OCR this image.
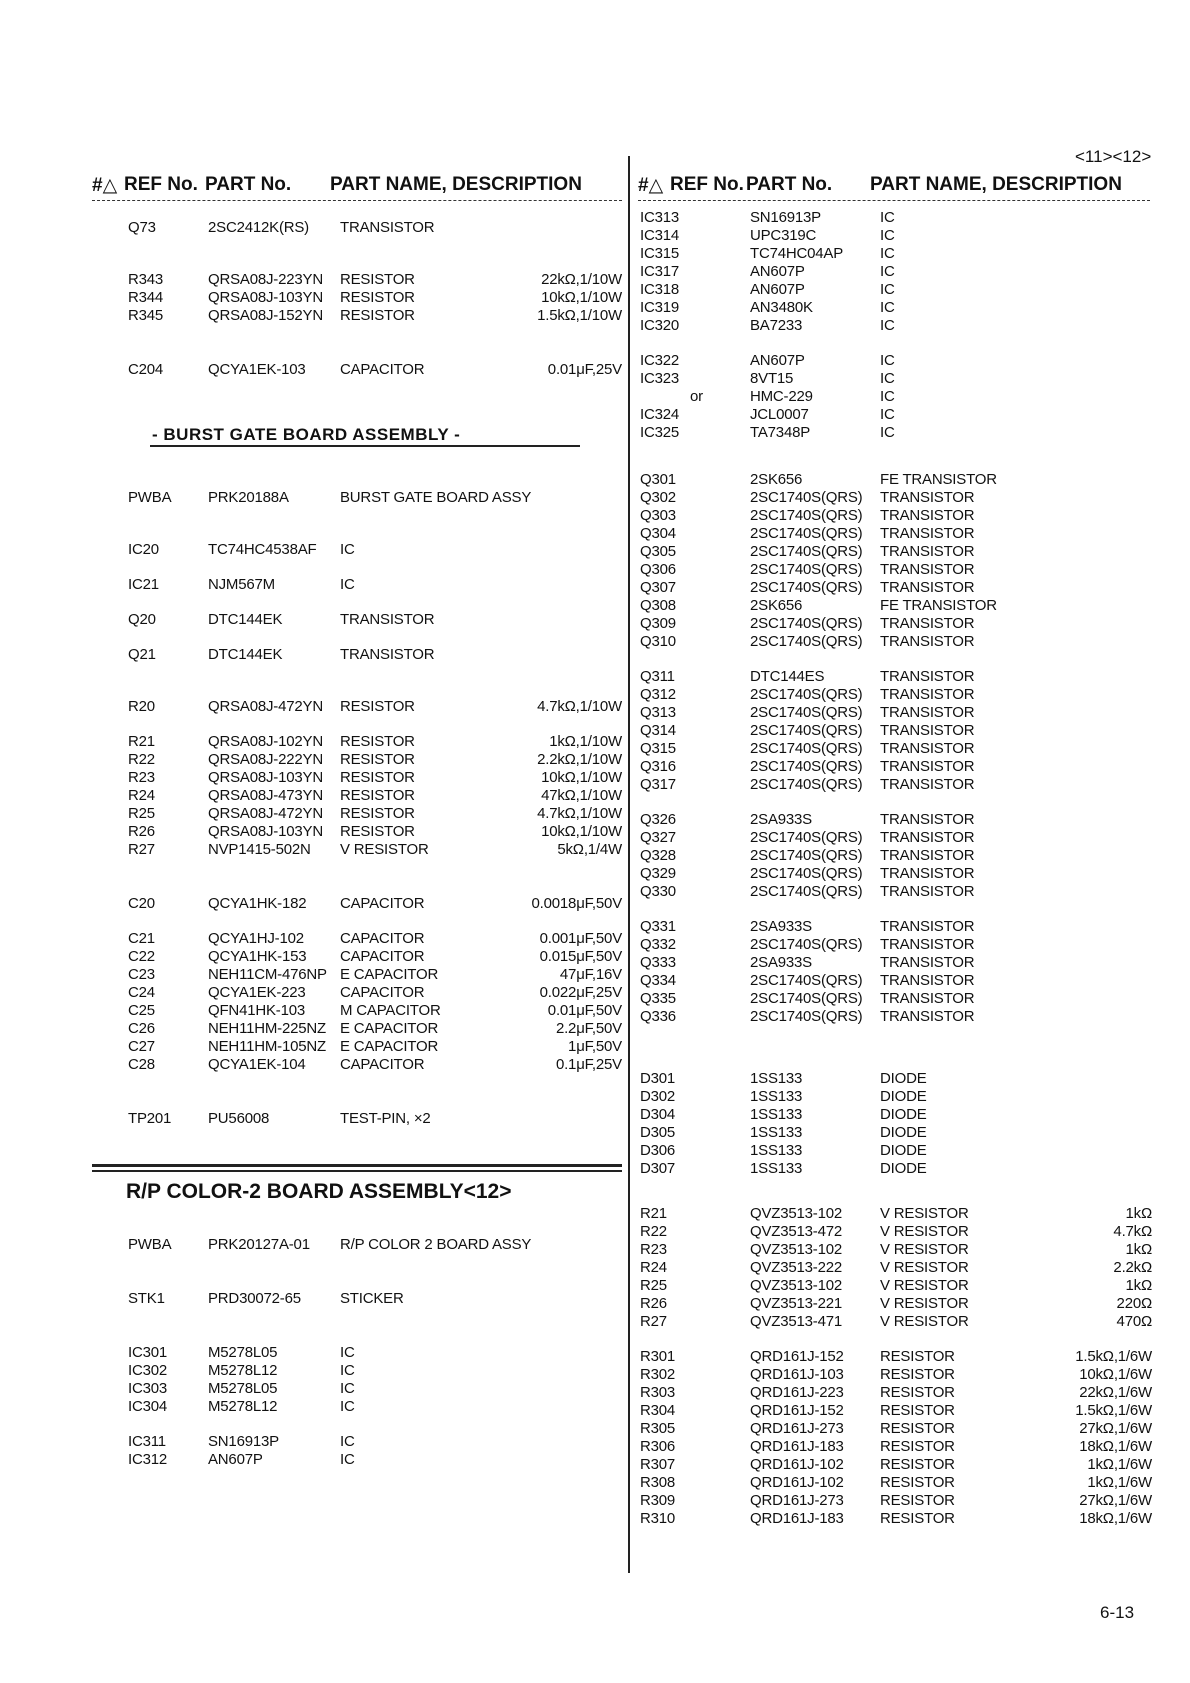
<11><12>
#△ REF No. PART No. PART NAME, DESCRIPTION
Q73	2SC2412K(RS) TRANSISTOR
R343	QRSA08J-223YN RESISTOR	22kΩ,1/10W
R344	QRSA08J-103YN RESISTOR	10kΩ,1/10W
R345	QRSA08J-152YN RESISTOR	1.5kΩ,1/10W
C204	QCYA1EK-103 CAPACITOR	0.01μF,25V
- BURST GATE BOARD ASSEMBLY -
PWBA PRK20188A	BURST GATE BOARD ASSY
IC20	TC74HC4538AF IC
IC21	NJM567M	IC
Q20	DTC144EK	TRANSISTOR
Q21	DTC144EK	TRANSISTOR
R20	QRSA08J-472YN RESISTOR	4.7kΩ,1/10W
R21	QRSA08J-102YN RESISTOR	1kΩ,1/10W
R22	QRSA08J-222YN RESISTOR	2.2kΩ,1/10W
R23	QRSA08J-103YN RESISTOR	10kΩ,1/10W
R24	QRSA08J-473YN RESISTOR	47kΩ,1/10W
R25	QRSA08J-472YN RESISTOR	4.7kΩ,1/10W
R26	QRSA08J-103YN RESISTOR	10kΩ,1/10W
R27	NVP1415-502N V RESISTOR	5kΩ,1/4W
C20	QCYA1HK-182 CAPACITOR	0.0018μF,50V
C21	QCYA1HJ-102 CAPACITOR	0.001μF,50V
C22	QCYA1HK-153 CAPACITOR	0.015μF,50V
C23	NEH11CM-476NP E CAPACITOR	47μF,16V
C24	QCYA1EK-223 CAPACITOR	0.022μF,25V
C25	QFN41HK-103 M CAPACITOR	0.01μF,50V
C26	NEH11HM-225NZ E CAPACITOR	2.2μF,50V
C27	NEH11HM-105NZ E CAPACITOR	1μF,50V
C28	QCYA1EK-104 CAPACITOR	0.1μF,25V
TP201 PU56008	TEST-PIN, ×2
R/P COLOR-2 BOARD ASSEMBLY<12>
PWBA PRK20127A-01 R/P COLOR 2 BOARD ASSY
STK1	PRD30072-65	STICKER
IC301	M5278L05	IC
IC302	M5278L12	IC
IC303	M5278L05	IC
IC304	M5278L12	IC
IC311	SN16913P	IC
IC312	AN607P	IC
#△ REF No. PART No. PART NAME, DESCRIPTION
IC313	SN16913P	IC
IC314	UPC319C	IC
IC315	TC74HC04AP IC
IC317	AN607P	IC
IC318	AN607P	IC
IC319	AN3480K	IC
IC320	BA7233	IC
IC322	AN607P	IC
IC323	8VT15	IC
or	HMC-229	IC
IC324	JCL0007	IC
IC325	TA7348P	IC
Q301	2SK656	FE TRANSISTOR
Q302	2SC1740S(QRS) TRANSISTOR
Q303	2SC1740S(QRS) TRANSISTOR
Q304	2SC1740S(QRS) TRANSISTOR
Q305	2SC1740S(QRS) TRANSISTOR
Q306	2SC1740S(QRS) TRANSISTOR
Q307	2SC1740S(QRS) TRANSISTOR
Q308	2SK656	FE TRANSISTOR
Q309	2SC1740S(QRS) TRANSISTOR
Q310	2SC1740S(QRS) TRANSISTOR
Q311	DTC144ES	TRANSISTOR
Q312	2SC1740S(QRS) TRANSISTOR
Q313	2SC1740S(QRS) TRANSISTOR
Q314	2SC1740S(QRS) TRANSISTOR
Q315	2SC1740S(QRS) TRANSISTOR
Q316	2SC1740S(QRS) TRANSISTOR
Q317	2SC1740S(QRS) TRANSISTOR
Q326	2SA933S	TRANSISTOR
Q327	2SC1740S(QRS) TRANSISTOR
Q328	2SC1740S(QRS) TRANSISTOR
Q329	2SC1740S(QRS) TRANSISTOR
Q330	2SC1740S(QRS) TRANSISTOR
Q331	2SA933S	TRANSISTOR
Q332	2SC1740S(QRS) TRANSISTOR
Q333	2SA933S	TRANSISTOR
Q334	2SC1740S(QRS) TRANSISTOR
Q335	2SC1740S(QRS) TRANSISTOR
Q336	2SC1740S(QRS) TRANSISTOR
D301	1SS133	DIODE
D302	1SS133	DIODE
D304	1SS133	DIODE
D305	1SS133	DIODE
D306	1SS133	DIODE
D307	1SS133	DIODE
R21	QVZ3513-102	V RESISTOR	1kΩ
R22	QVZ3513-472	V RESISTOR	4.7kΩ
R23	QVZ3513-102	V RESISTOR	1kΩ
R24	QVZ3513-222	V RESISTOR	2.2kΩ
R25	QVZ3513-102	V RESISTOR	1kΩ
R26	QVZ3513-221	V RESISTOR	220Ω
R27	QVZ3513-471	V RESISTOR	470Ω
R301	QRD161J-152 RESISTOR	1.5kΩ,1/6W
R302	QRD161J-103 RESISTOR	10kΩ,1/6W
R303	QRD161J-223 RESISTOR	22kΩ,1/6W
R304	QRD161J-152 RESISTOR	1.5kΩ,1/6W
R305	QRD161J-273 RESISTOR	27kΩ,1/6W
R306	QRD161J-183 RESISTOR	18kΩ,1/6W
R307	QRD161J-102 RESISTOR	1kΩ,1/6W
R308	QRD161J-102 RESISTOR	1kΩ,1/6W
R309	QRD161J-273 RESISTOR	27kΩ,1/6W
R310	QRD161J-183 RESISTOR	18kΩ,1/6W
6-13
